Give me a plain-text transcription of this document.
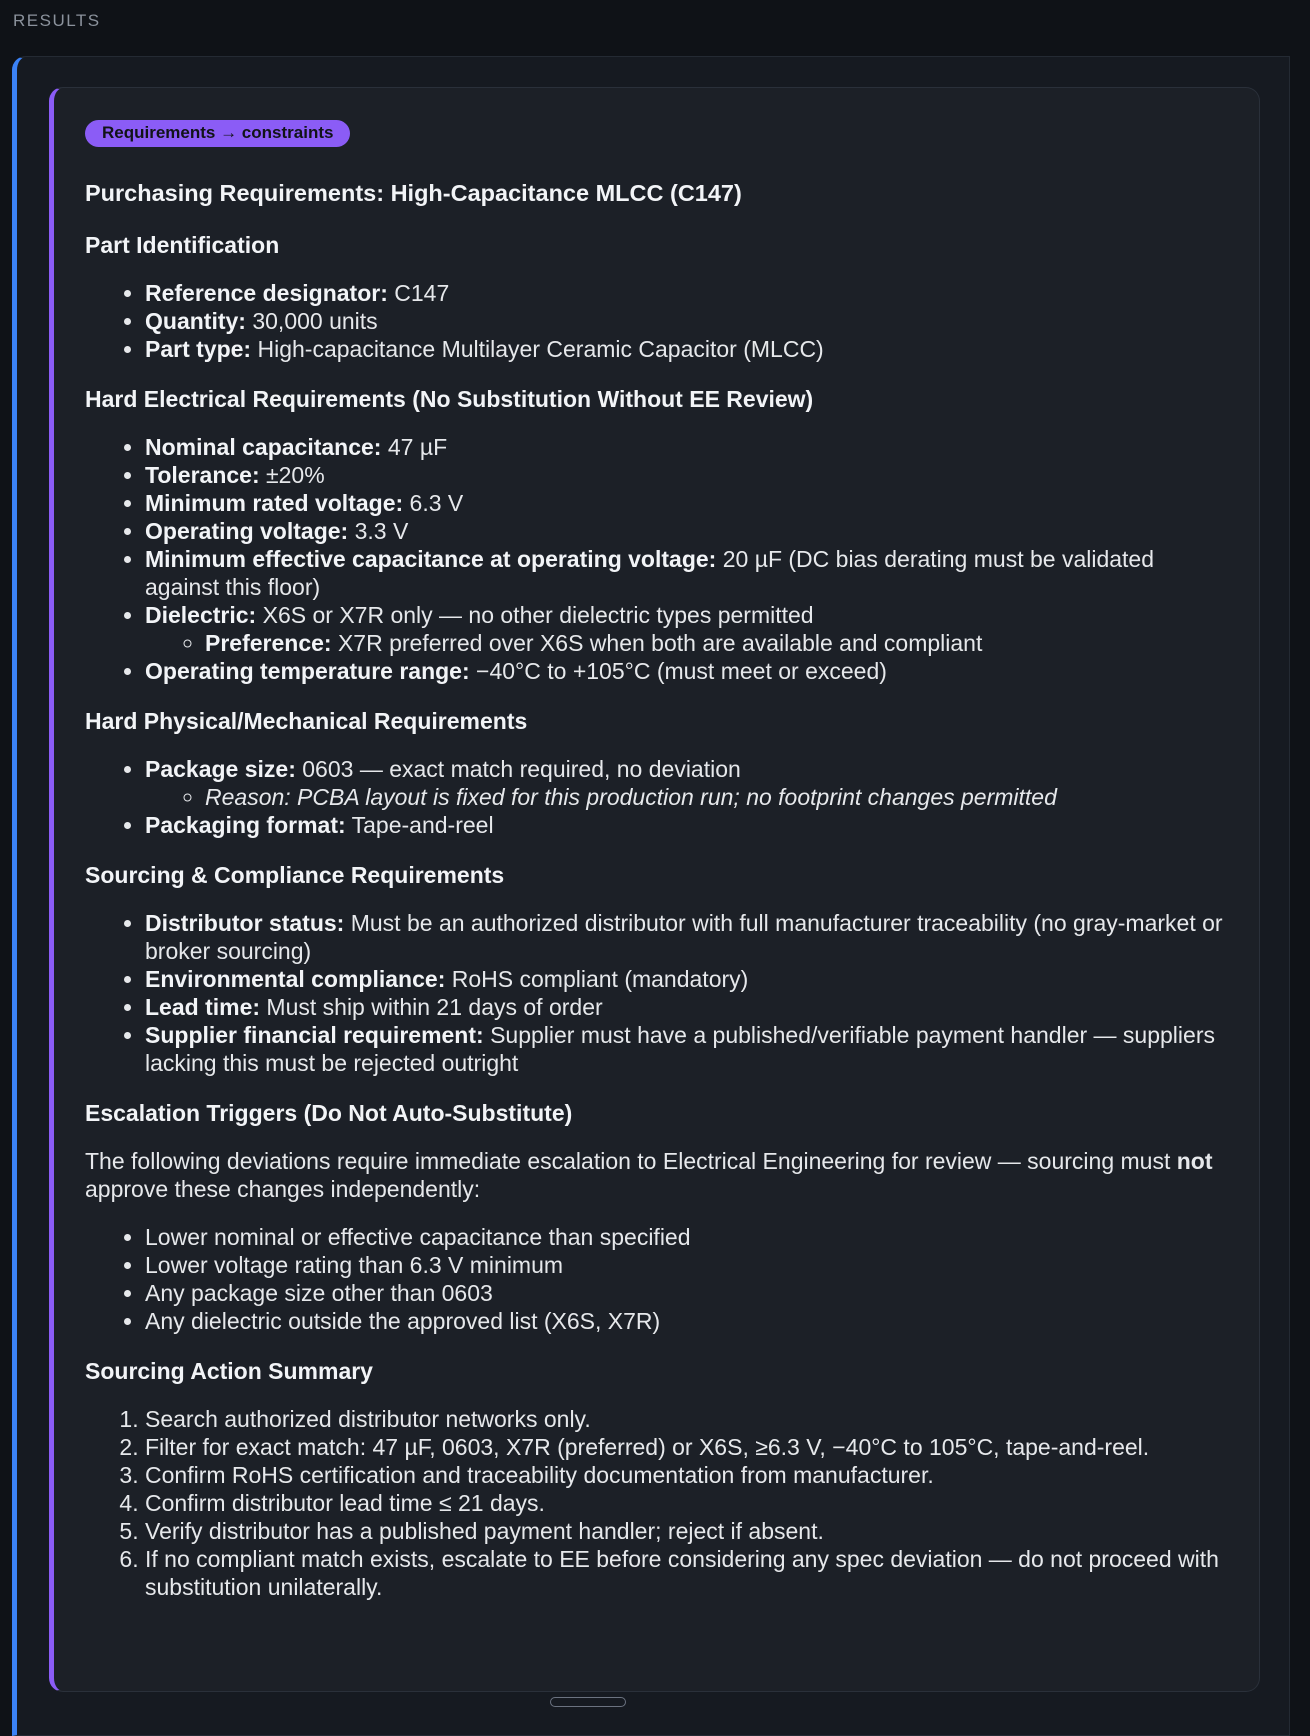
RESULTS
Requirements → constraints
Purchasing Requirements: High-Capacitance MLCC (C147)
Part Identification
• Reference designator: C147
• Quantity: 30,000 units
• Part type: High-capacitance Multilayer Ceramic Capacitor (MLCC)
Hard Electrical Requirements (No Substitution Without EE Review)
• Nominal capacitance: 47 µF
• Tolerance: ±20%
• Minimum rated voltage: 6.3 V
• Operating voltage: 3.3 V
• Minimum effective capacitance at operating voltage: 20 µF (DC bias derating must be validated against this floor)
• Dielectric: X6S or X7R only — no other dielectric types permitted
◦ Preference: X7R preferred over X6S when both are available and compliant
• Operating temperature range: −40°C to +105°C (must meet or exceed)
Hard Physical/Mechanical Requirements
• Package size: 0603 — exact match required, no deviation
◦ Reason: PCBA layout is fixed for this production run; no footprint changes permitted
• Packaging format: Tape-and-reel
Sourcing & Compliance Requirements
• Distributor status: Must be an authorized distributor with full manufacturer traceability (no gray-market or broker sourcing)
• Environmental compliance: RoHS compliant (mandatory)
• Lead time: Must ship within 21 days of order
• Supplier financial requirement: Supplier must have a published/verifiable payment handler — suppliers lacking this must be rejected outright
Escalation Triggers (Do Not Auto-Substitute)

The following deviations require immediate escalation to Electrical Engineering for review — sourcing must not approve these changes independently:

• Lower nominal or effective capacitance than specified
• Lower voltage rating than 6.3 V minimum
• Any package size other than 0603
• Any dielectric outside the approved list (X6S, X7R)
Sourcing Action Summary
1. Search authorized distributor networks only.
2. Filter for exact match: 47 µF, 0603, X7R (preferred) or X6S, ≥6.3 V, −40°C to 105°C, tape-and-reel.
3. Confirm RoHS certification and traceability documentation from manufacturer.
4. Confirm distributor lead time ≤ 21 days.
5. Verify distributor has a published payment handler; reject if absent.
6. If no compliant match exists, escalate to EE before considering any spec deviation — do not proceed with substitution unilaterally.
